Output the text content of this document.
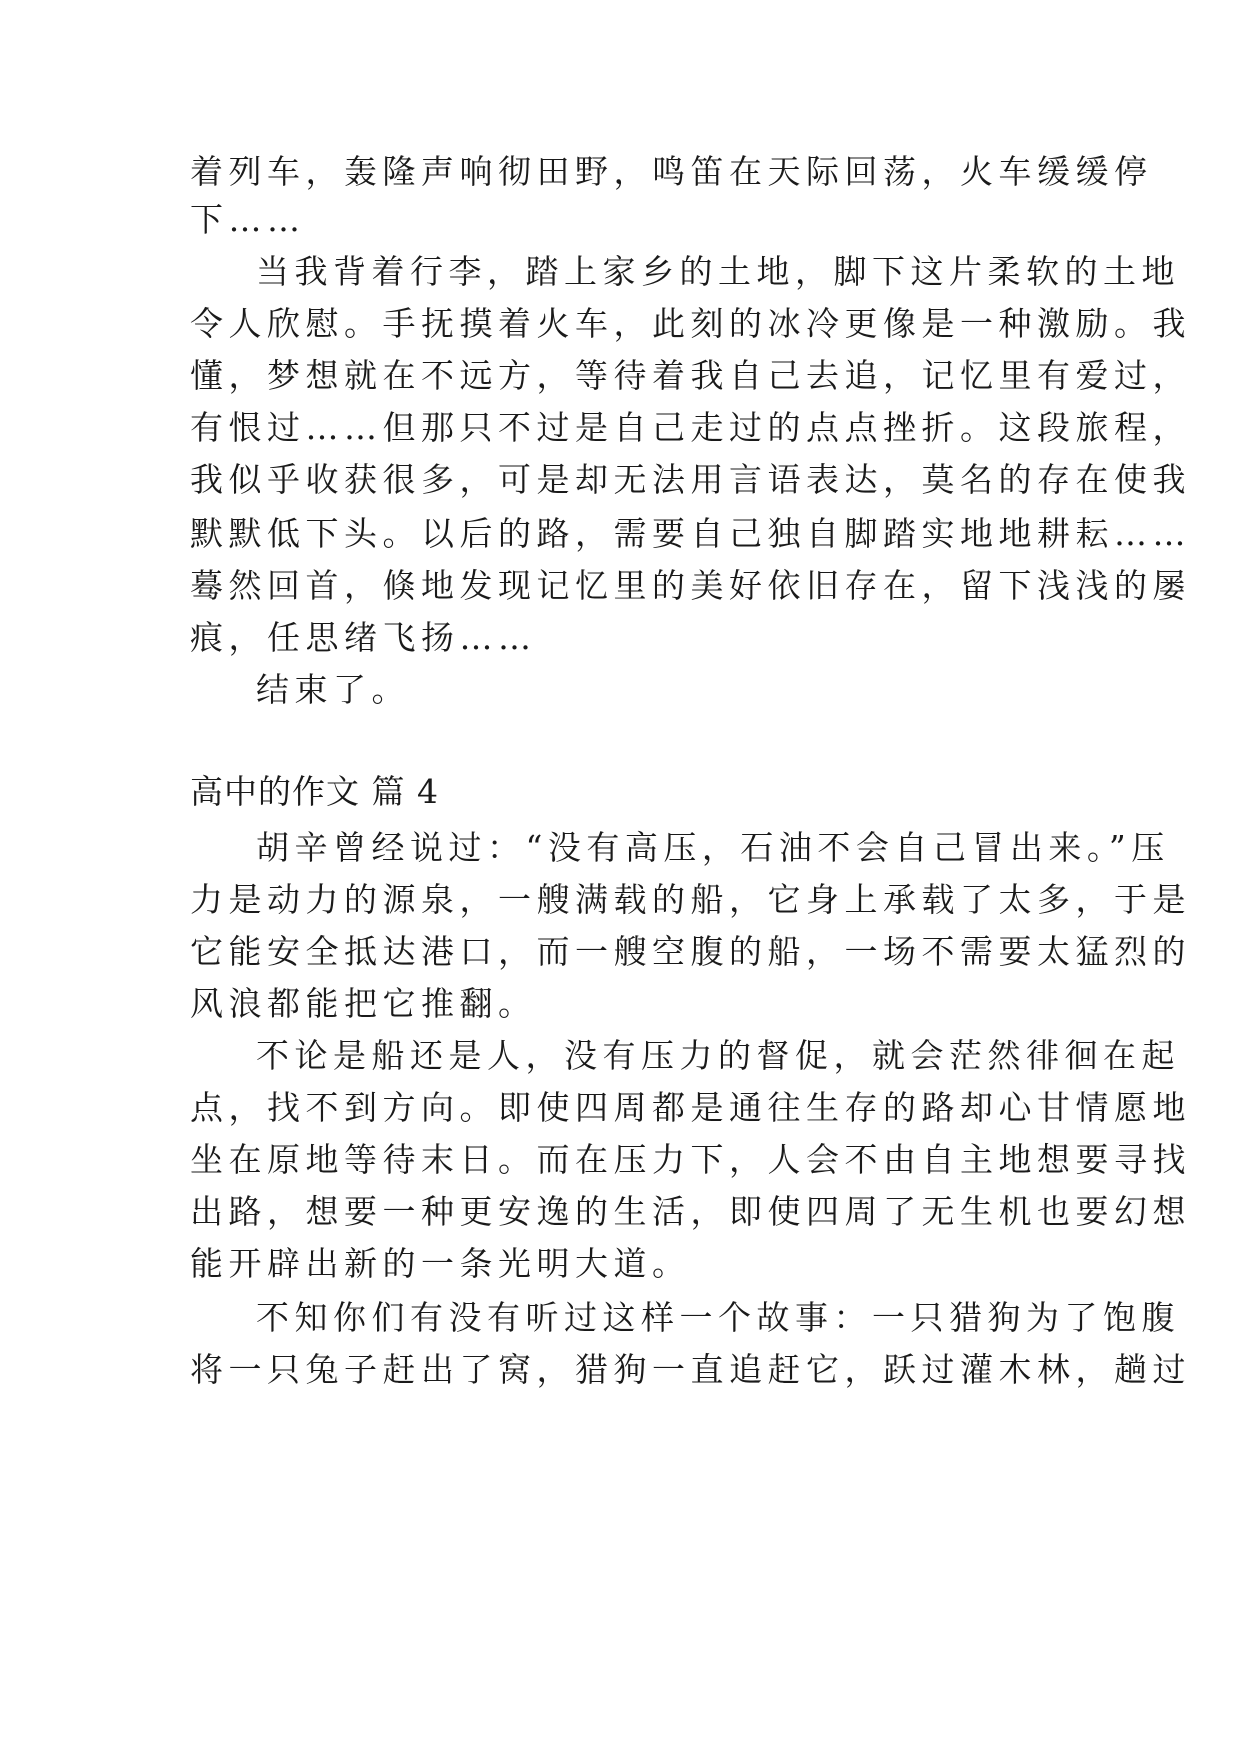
着列车，轰隆声响彻田野，鸣笛在天际回荡，火车缓缓停
下……
当我背着行李，踏上家乡的土地，脚下这片柔软的土地
令人欣慰。手抚摸着火车，此刻的冰冷更像是一种激励。我
懂，梦想就在不远方，等待着我自己去追，记忆里有爱过，
有恨过……但那只不过是自己走过的点点挫折。这段旅程，
我似乎收获很多，可是却无法用言语表达，莫名的存在使我
默默低下头。以后的路，需要自己独自脚踏实地地耕耘……
蓦然回首，倏地发现记忆里的美好依旧存在，留下浅浅的屡
痕，任思绪飞扬……
结束了。
高中的作文 篇 4
胡辛曾经说过：“没有高压，石油不会自己冒出来。”压
力是动力的源泉，一艘满载的船，它身上承载了太多，于是
它能安全抵达港口，而一艘空腹的船，一场不需要太猛烈的
风浪都能把它推翻。
不论是船还是人，没有压力的督促，就会茫然徘徊在起
点，找不到方向。即使四周都是通往生存的路却心甘情愿地
坐在原地等待末日。而在压力下，人会不由自主地想要寻找
出路，想要一种更安逸的生活，即使四周了无生机也要幻想
能开辟出新的一条光明大道。
不知你们有没有听过这样一个故事：一只猎狗为了饱腹
将一只兔子赶出了窝，猎狗一直追赶它，跃过灌木林，趟过
